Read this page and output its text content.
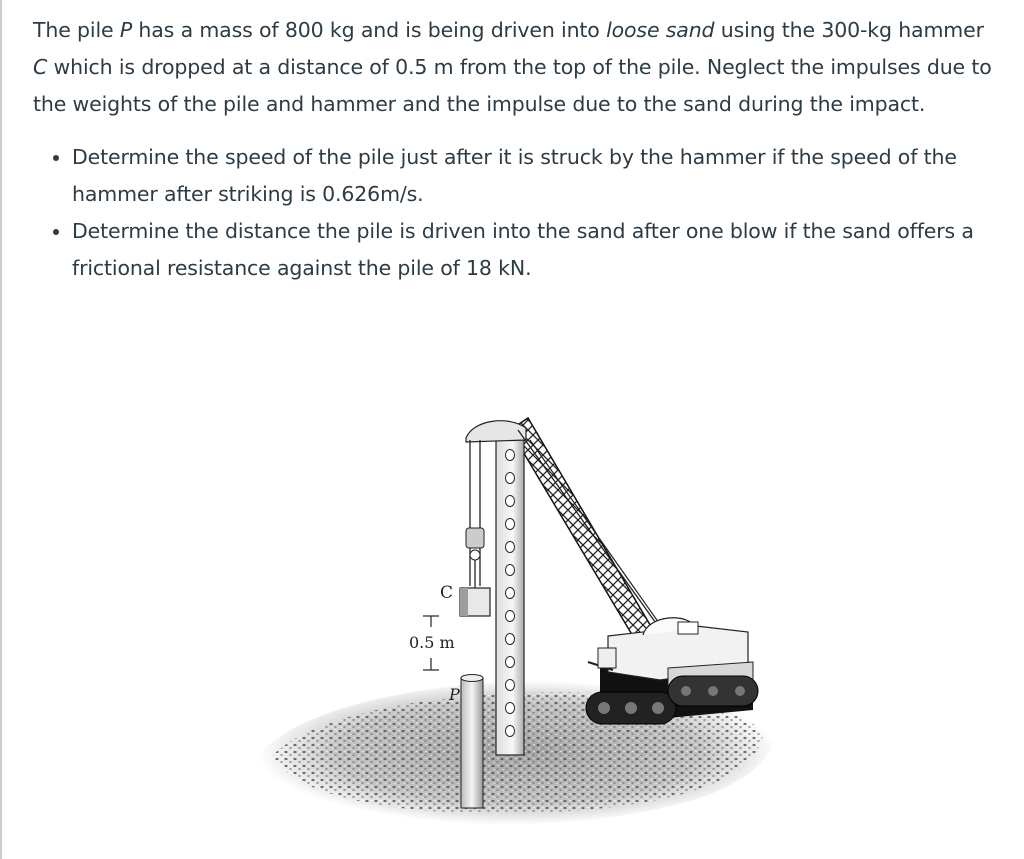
The pile P has a mass of 800 kg and is being driven into loose sand using the 300-kg hammer C which is dropped at a distance of 0.5 m from the top of the pile. Neglect the impulses due to the weights of the pile and hammer and the impulse due to the sand during the impact.

• Determine the speed of the pile just after it is struck by the hammer if the speed of the hammer after striking is 0.626m/s.
• Determine the distance the pile is driven into the sand after one blow if the sand offers a frictional resistance against the pile of 18 kN.
C
0.5 m
P
